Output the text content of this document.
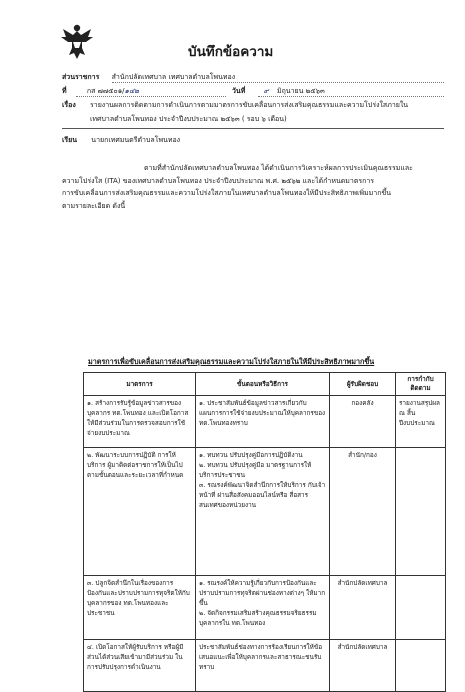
บันทึกข้อความ
ส่วนราชการ สำนักปลัดเทศบาล เทศบาลตำบลโพนทอง
ที่	กส ๗๗๕๐๑/๑๔๒	วันที่	๙ มิถุนายน ๒๕๖๓
เรื่อง รายงานผลการติดตามการดำเนินการตามมาตรการขับเคลื่อนการส่งเสริมคุณธรรมและความโปร่งใสภายใน
เทศบาลตำบลโพนทอง ประจำปีงบประมาณ ๒๕๖๓ ( รอบ ๖ เดือน)
เรียน นายกเทศมนตรีตำบลโพนทอง

ตามที่สำนักปลัดเทศบาลตำบลโพนทอง ได้ดำเนินการวิเคราะห์ผลการประเมินคุณธรรมและ

ความโปร่งใส (ITA) ของเทศบาลตำบลโพนทอง ประจำปีงบประมาณ พ.ศ. ๒๕๖๒ และได้กำหนดมาตรการ

การขับเคลื่อนการส่งเสริมคุณธรรมและความโปร่งใสภายในเทศบาลตำบลโพนทองให้มีประสิทธิภาพเพิ่มมากขึ้น

ตามรายละเอียด ดังนี้

มาตรการเพื่อขับเคลื่อนการส่งเสริมคุณธรรมและความโปร่งใสภายในให้มีประสิทธิภาพมากขึ้น
มาตรการ	ขั้นตอนหรือวิธีการ	ผู้รับผิดชอบ	การกำกับติดตาม
๑. สร้างการรับรู้ข้อมูลข่าวสารของบุคลากร ทต.โพนทอง และเปิดโอกาสให้มีส่วนร่วมในการตรวจสอบการใช้จ่ายงบประมาณ	๑. ประชาสัมพันธ์ข้อมูลข่าวสารเกี่ยวกับแผนการการใช้จ่ายงบประมาณให้บุคลากรของ ทต.โพนทองทราบ	กองคลัง	รายงานสรุปผล ณ สิ้นปีงบประมาณ
๒. พัฒนาระบบการปฏิบัติ การให้บริการ ผู้มาติดต่อราชการให้เป็นไปตามขั้นตอนและระยะเวลาที่กำหนด	๑. ทบทวน ปรับปรุงคู่มือการปฏิบัติงาน

๒. ทบทวน ปรับปรุงคู่มือ มาตรฐานการให้บริการประชาชน

๓. รณรงค์พัฒนาจิตสำนึกการให้บริการ กับเจ้าหน้าที่ ผ่านสื่อสังคมออนไลน์หรือ สื่อสารสนเทศของหน่วยงาน	สำนัก/กอง	
๓. ปลูกจิตสำนึกในเรื่องของการป้องกันและปราบปรามการทุจริตให้กับบุคลากรของ ทต.โพนทองและประชาชน	๑. รณรงค์ให้ความรู้เกี่ยวกับการป้องกันและปราบปรามการทุจริตผ่านช่องทางต่างๆ ให้มากขึ้น

๒. จัดกิจกรรมเสริมสร้างคุณธรรมจริยธรรมบุคลากรใน ทต.โพนทอง	สำนักปลัดเทศบาล	
๔. เปิดโอกาสให้ผู้รับบริการ หรือผู้มี ส่วนได้ส่วนเสียเข้ามามีส่วนร่วม ในการปรับปรุงการดำเนินงาน	ประชาสัมพันธ์ช่องทางการร้องเรียนการให้ข้อเสนอแนะเพื่อให้บุคลากรและสาธารณะชนรับทราบ	สำนักปลัดเทศบาล	
